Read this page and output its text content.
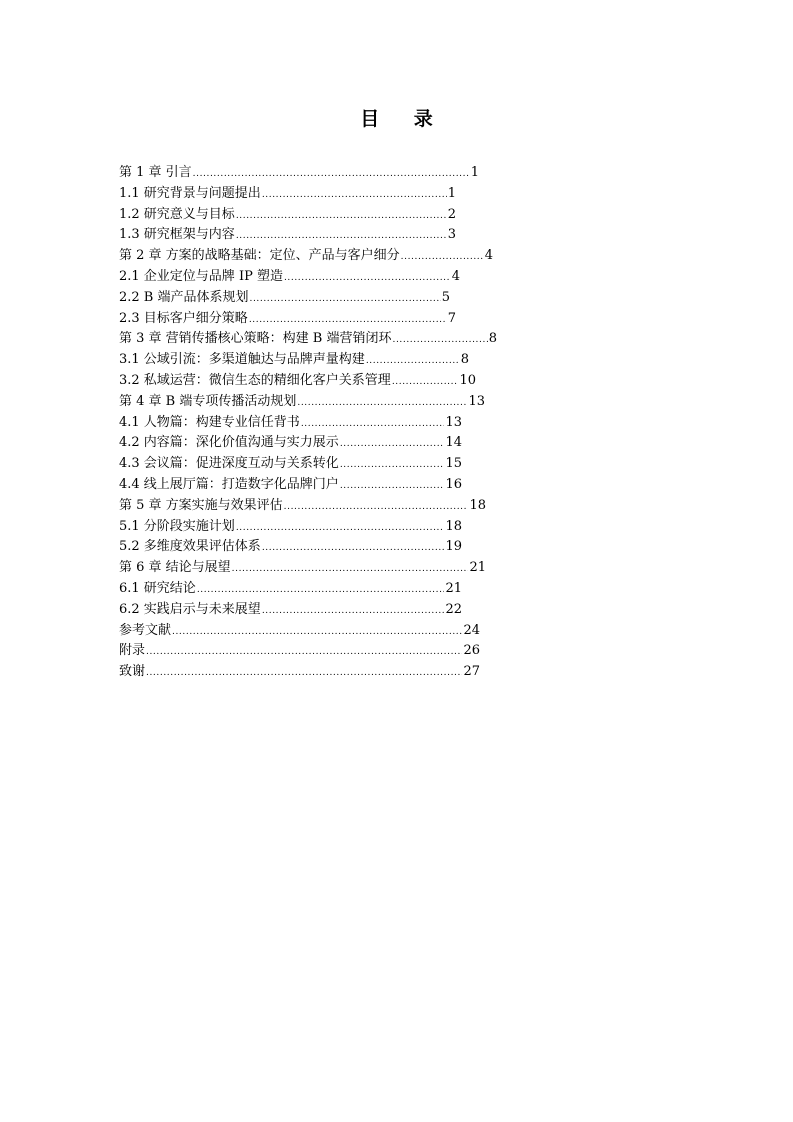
目 录
第 1 章 引言 .....	1
1.1 研究背景与问题提出 .....	1
1.2 研究意义与目标 .....	2
1.3 研究框架与内容 .....	3
第 2 章 方案的战略基础：定位、产品与客户细分 .....	4
2.1 企业定位与品牌 IP 塑造 .....	4
2.2 B 端产品体系规划 .....	5
2.3 目标客户细分策略 .....	7
第 3 章 营销传播核心策略：构建 B 端营销闭环 .....	8
3.1 公域引流：多渠道触达与品牌声量构建 .....	8
3.2 私域运营：微信生态的精细化客户关系管理 .....	10
第 4 章 B 端专项传播活动规划 .....	13
4.1 人物篇：构建专业信任背书 .....	13
4.2 内容篇：深化价值沟通与实力展示 .....	14
4.3 会议篇：促进深度互动与关系转化 .....	15
4.4 线上展厅篇：打造数字化品牌门户 .....	16
第 5 章 方案实施与效果评估 .....	18
5.1 分阶段实施计划 .....	18
5.2 多维度效果评估体系 .....	19
第 6 章 结论与展望 .....	21
6.1 研究结论 .....	21
6.2 实践启示与未来展望 .....	22
参考文献 .....	24
附录 .....	26
致谢 .....	27
